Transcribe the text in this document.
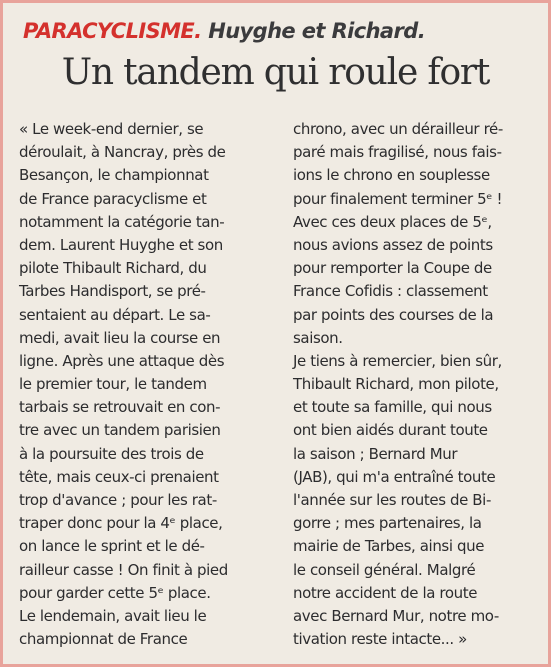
PARACYCLISME. Huyghe et Richard.
Un tandem qui roule fort
« Le week-end dernier, se
déroulait, à Nancray, près de
Besançon, le championnat
de France paracyclisme et
notamment la catégorie tan-
dem. Laurent Huyghe et son
pilote Thibault Richard, du
Tarbes Handisport, se pré-
sentaient au départ. Le sa-
medi, avait lieu la course en
ligne. Après une attaque dès
le premier tour, le tandem
tarbais se retrouvait en con-
tre avec un tandem parisien
à la poursuite des trois de
tête, mais ceux-ci prenaient
trop d'avance ; pour les rat-
traper donc pour la 4ᵉ place,
on lance le sprint et le dé-
railleur casse ! On finit à pied
pour garder cette 5ᵉ place.
Le lendemain, avait lieu le
championnat de France
chrono, avec un dérailleur ré-
paré mais fragilisé, nous fais-
ions le chrono en souplesse
pour finalement terminer 5ᵉ !
Avec ces deux places de 5ᵉ,
nous avions assez de points
pour remporter la Coupe de
France Cofidis : classement
par points des courses de la
saison.
Je tiens à remercier, bien sûr,
Thibault Richard, mon pilote,
et toute sa famille, qui nous
ont bien aidés durant toute
la saison ; Bernard Mur
(JAB), qui m'a entraîné toute
l'année sur les routes de Bi-
gorre ; mes partenaires, la
mairie de Tarbes, ainsi que
le conseil général. Malgré
notre accident de la route
avec Bernard Mur, notre mo-
tivation reste intacte... »
